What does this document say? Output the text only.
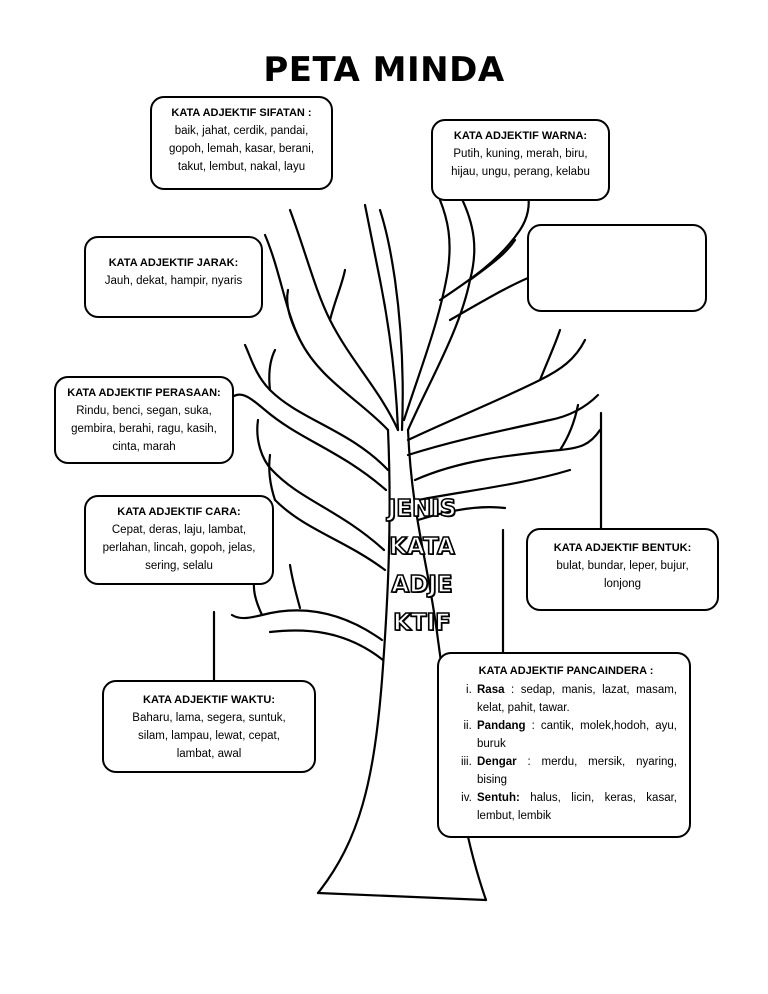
PETA MINDA
KATA ADJEKTIF SIFATAN :
baik, jahat, cerdik, pandai,
gopoh, lemah, kasar, berani,
takut, lembut, nakal, layu
KATA ADJEKTIF WARNA:
Putih, kuning, merah, biru,
hijau, ungu, perang, kelabu
KATA ADJEKTIF JARAK:
Jauh, dekat, hampir, nyaris
KATA ADJEKTIF PERASAAN:
Rindu, benci, segan, suka,
gembira, berahi, ragu, kasih,
cinta, marah
KATA ADJEKTIF CARA:
Cepat, deras, laju, lambat,
perlahan, lincah, gopoh, jelas,
sering, selalu
KATA ADJEKTIF BENTUK:
bulat, bundar, leper, bujur,
lonjong
KATA ADJEKTIF WAKTU:
Baharu, lama, segera, suntuk,
silam, lampau, lewat, cepat,
lambat, awal
KATA ADJEKTIF PANCAINDERA :
i. Rasa : sedap, manis, lazat, masam, kelat, pahit, tawar.
ii. Pandang : cantik, molek,hodoh, ayu, buruk
iii. Dengar : merdu, mersik, nyaring, bising
iv. Sentuh: halus, licin, keras, kasar, lembut, lembik
JENIS
KATA
ADJE
KTIF
